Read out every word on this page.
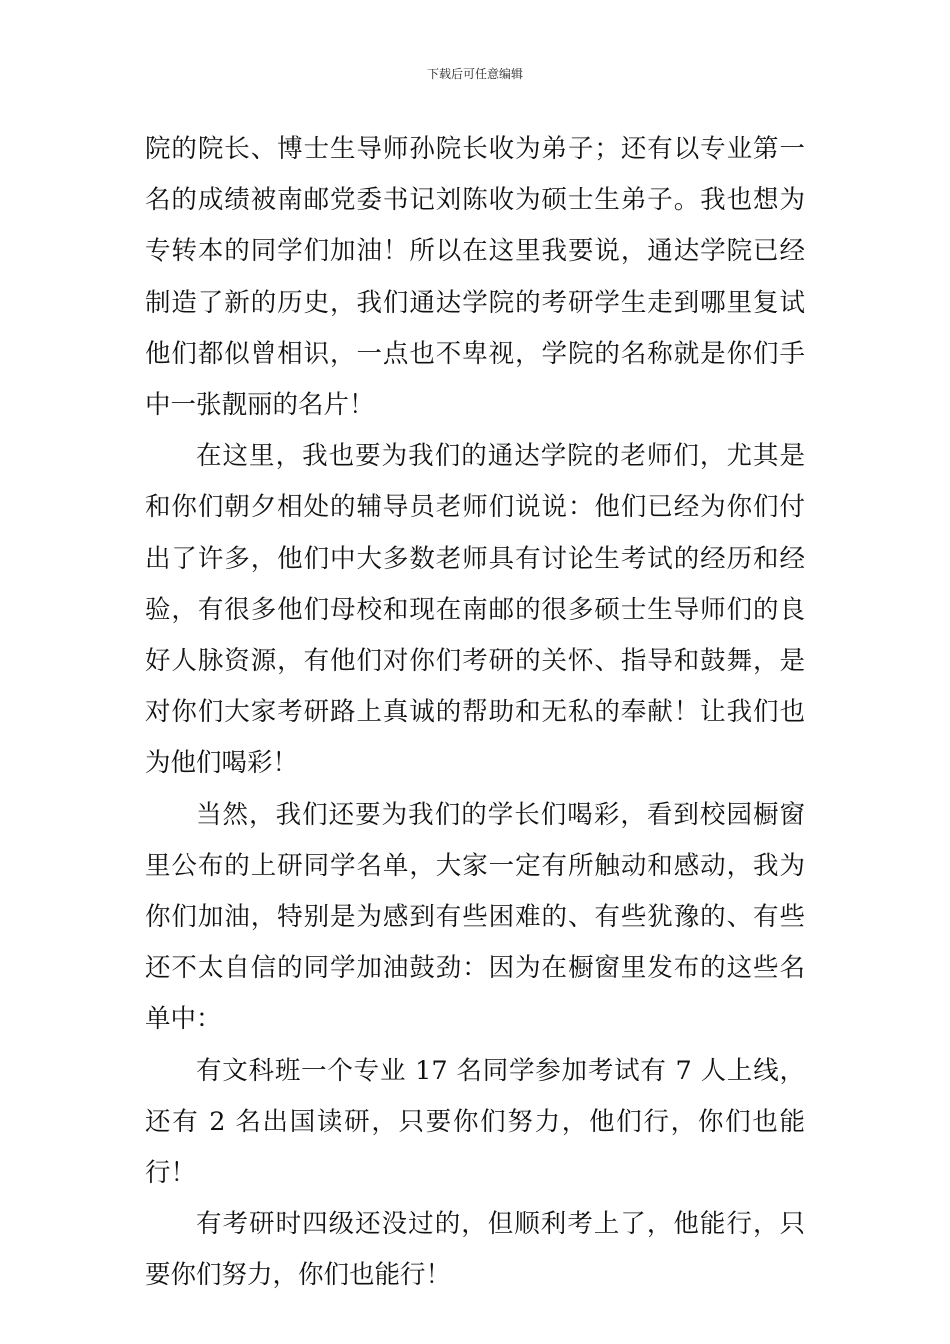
下载后可任意编辑

院的院长、博士生导师孙院长收为弟子；还有以专业第一名的成绩被南邮党委书记刘陈收为硕士生弟子。我也想为专转本的同学们加油！所以在这里我要说，通达学院已经制造了新的历史，我们通达学院的考研学生走到哪里复试他们都似曾相识，一点也不卑视，学院的名称就是你们手中一张靓丽的名片！

在这里，我也要为我们的通达学院的老师们，尤其是和你们朝夕相处的辅导员老师们说说：他们已经为你们付出了许多，他们中大多数老师具有讨论生考试的经历和经验，有很多他们母校和现在南邮的很多硕士生导师们的良好人脉资源，有他们对你们考研的关怀、指导和鼓舞，是对你们大家考研路上真诚的帮助和无私的奉献！让我们也为他们喝彩！

当然，我们还要为我们的学长们喝彩，看到校园橱窗里公布的上研同学名单，大家一定有所触动和感动，我为你们加油，特别是为感到有些困难的、有些犹豫的、有些还不太自信的同学加油鼓劲：因为在橱窗里发布的这些名单中：

有文科班一个专业 17 名同学参加考试有 7 人上线，还有 2 名出国读研，只要你们努力，他们行，你们也能行！

有考研时四级还没过的，但顺利考上了，他能行，只要你们努力，你们也能行！
